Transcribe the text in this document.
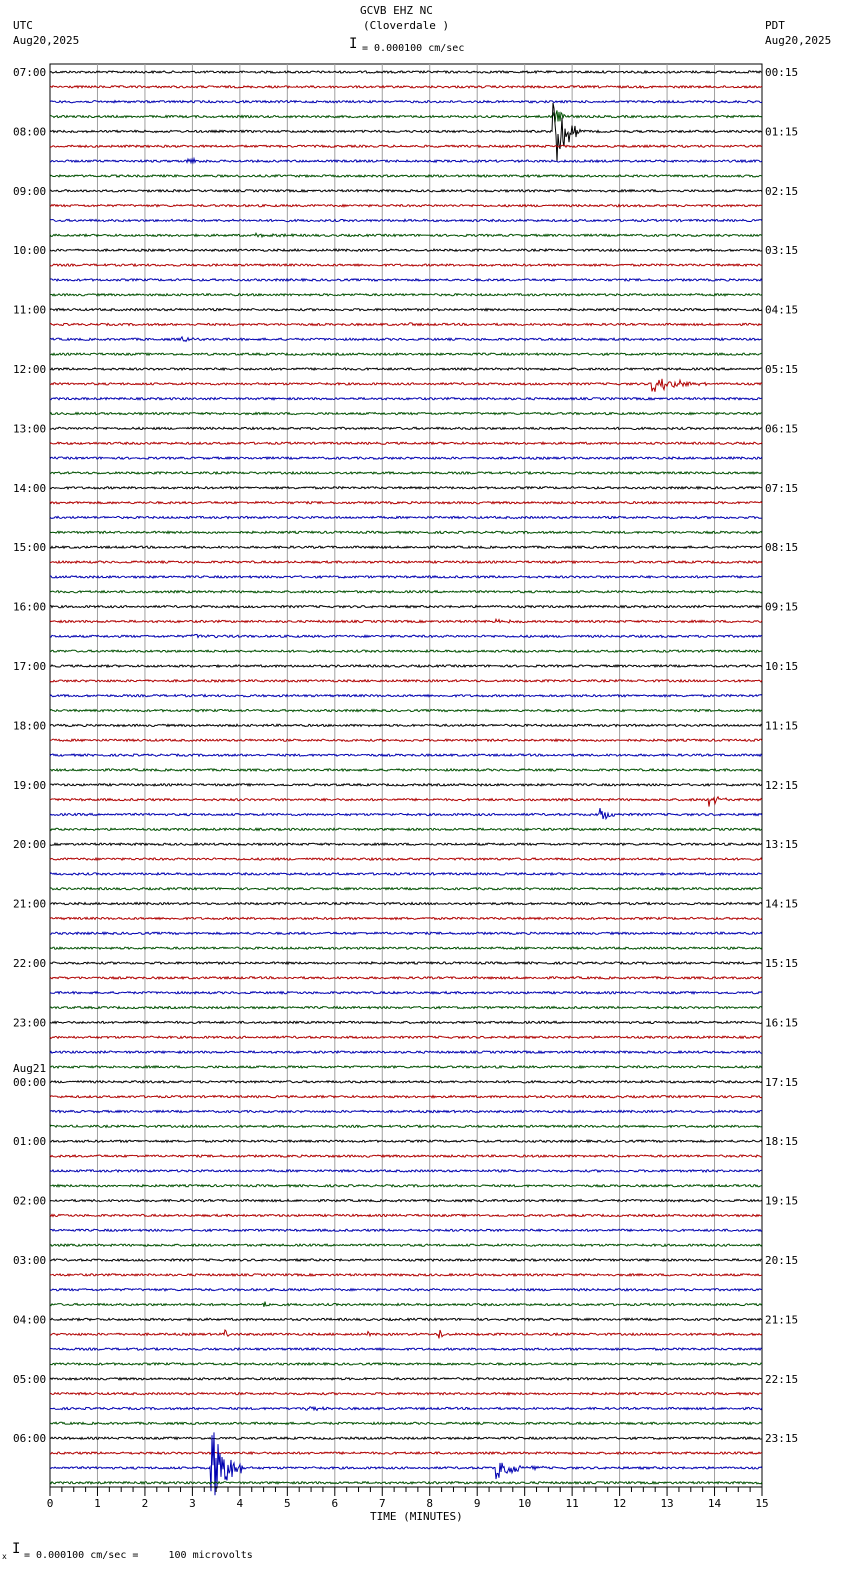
UTC
Aug20,2025
GCVB EHZ NC
(Cloverdale )
I = 0.000100 cm/sec
PDT
Aug20,2025
07:00
08:00
09:00
10:00
11:00
12:00
13:00
14:00
15:00
16:00
17:00
18:00
19:00
20:00
21:00
22:00
23:00
00:00
01:00
02:00
03:00
04:00
05:00
06:00
Aug21
00:15
01:15
02:15
03:15
04:15
05:15
06:15
07:15
08:15
09:15
10:15
11:15
12:15
13:15
14:15
15:15
16:15
17:15
18:15
19:15
20:15
21:15
22:15
23:15
0	1	2	3	4	5	6	7	8	9	10	11	12	13	14	15
TIME (MINUTES)
x I = 0.000100 cm/sec =     100 microvolts
